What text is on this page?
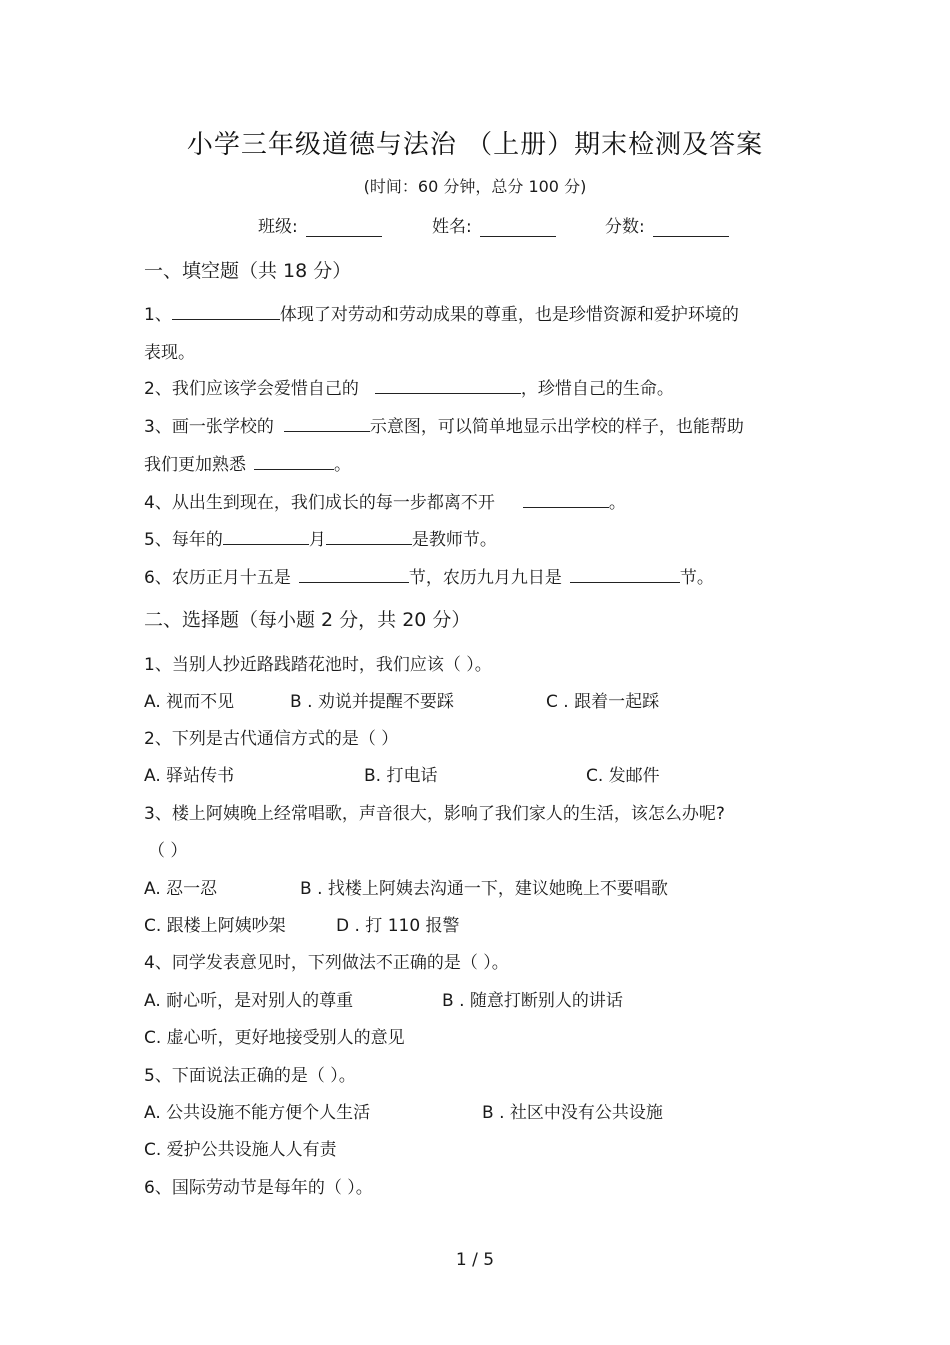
小学三年级道德与法治 （上册）期末检测及答案
(时间：60 分钟，总分 100 分)
班级:	姓名:	分数:
一、填空题（共 18 分）
1、	体现了对劳动和劳动成果的尊重，也是珍惜资源和爱护环境的
表现。
2、我们应该学会爱惜自己的	，珍惜自己的生命。
3、画一张学校的	示意图，可以简单地显示出学校的样子，也能帮助
我们更加熟悉	。
4、从出生到现在，我们成长的每一步都离不开	。
5、每年的	月	是教师节。
6、农历正月十五是	节，农历九月九日是	节。
二、选择题（每小题 2 分，共 20 分）
1、当别人抄近路践踏花池时，我们应该（ ）。
A. 视而不见	B . 劝说并提醒不要踩	C . 跟着一起踩
2、下列是古代通信方式的是（ ）
A. 驿站传书	B. 打电话	C. 发邮件
3、楼上阿姨晚上经常唱歌，声音很大，影响了我们家人的生活，该怎么办呢?
（ ）
A. 忍一忍	B . 找楼上阿姨去沟通一下，建议她晚上不要唱歌
C. 跟楼上阿姨吵架	D . 打 110 报警
4、同学发表意见时，下列做法不正确的是（ ）。
A. 耐心听，是对别人的尊重	B . 随意打断别人的讲话
C. 虚心听，更好地接受别人的意见
5、下面说法正确的是（ ）。
A. 公共设施不能方便个人生活	B . 社区中没有公共设施
C. 爱护公共设施人人有责
6、国际劳动节是每年的（ ）。
1 / 5
